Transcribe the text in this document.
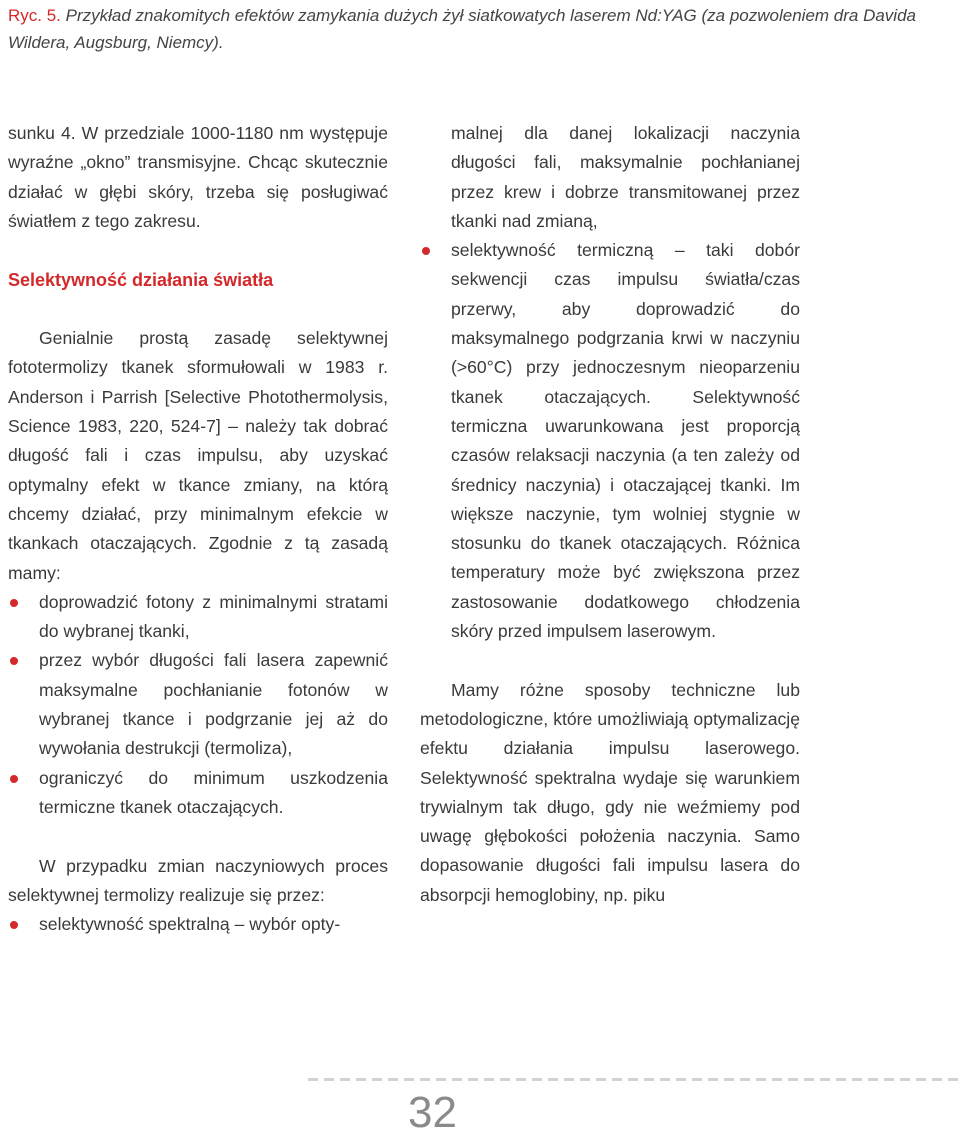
Ryc. 5. Przykład znakomitych efektów zamykania dużych żył siatkowatych laserem Nd:YAG (za pozwoleniem dra Davida Wildera, Augsburg, Niemcy).

sunku 4. W przedziale 1000-1180 nm występuje wyraźne „okno” transmisyjne. Chcąc skutecznie działać w głębi skóry, trzeba się posługiwać światłem z tego zakresu.

Selektywność działania światła

Genialnie prostą zasadę selektywnej fototermolizy tkanek sformułowali w 1983 r. Anderson i Parrish [Selective Photothermolysis, Science 1983, 220, 524-7] – należy tak dobrać długość fali i czas impulsu, aby uzyskać optymalny efekt w tkance zmiany, na którą chcemy działać, przy minimalnym efekcie w tkankach otaczających. Zgodnie z tą zasadą mamy:

doprowadzić fotony z minimalnymi stratami do wybranej tkanki,
przez wybór długości fali lasera zapewnić maksymalne pochłanianie fotonów w wybranej tkance i podgrzanie jej aż do wywołania destrukcji (termoliza),
ograniczyć do minimum uszkodzenia termiczne tkanek otaczających.

W przypadku zmian naczyniowych proces selektywnej termolizy realizuje się przez:

selektywność spektralną – wybór opty-
malnej dla danej lokalizacji naczynia długości fali, maksymalnie pochłanianej przez krew i dobrze transmitowanej przez tkanki nad zmianą,
selektywność termiczną – taki dobór sekwencji czas impulsu światła/czas przerwy, aby doprowadzić do maksymalnego podgrzania krwi w naczyniu (>60°C) przy jednoczesnym nieoparzeniu tkanek otaczających. Selektywność termiczna uwarunkowana jest proporcją czasów relaksacji naczynia (a ten zależy od średnicy naczynia) i otaczającej tkanki. Im większe naczynie, tym wolniej stygnie w stosunku do tkanek otaczających. Różnica temperatury może być zwiększona przez zastosowanie dodatkowego chłodzenia skóry przed impulsem laserowym.

Mamy różne sposoby techniczne lub metodologiczne, które umożliwiają optymalizację efektu działania impulsu laserowego. Selektywność spektralna wydaje się warunkiem trywialnym tak długo, gdy nie weźmiemy pod uwagę głębokości położenia naczynia. Samo dopasowanie długości fali impulsu lasera do absorpcji hemoglobiny, np. piku

32
